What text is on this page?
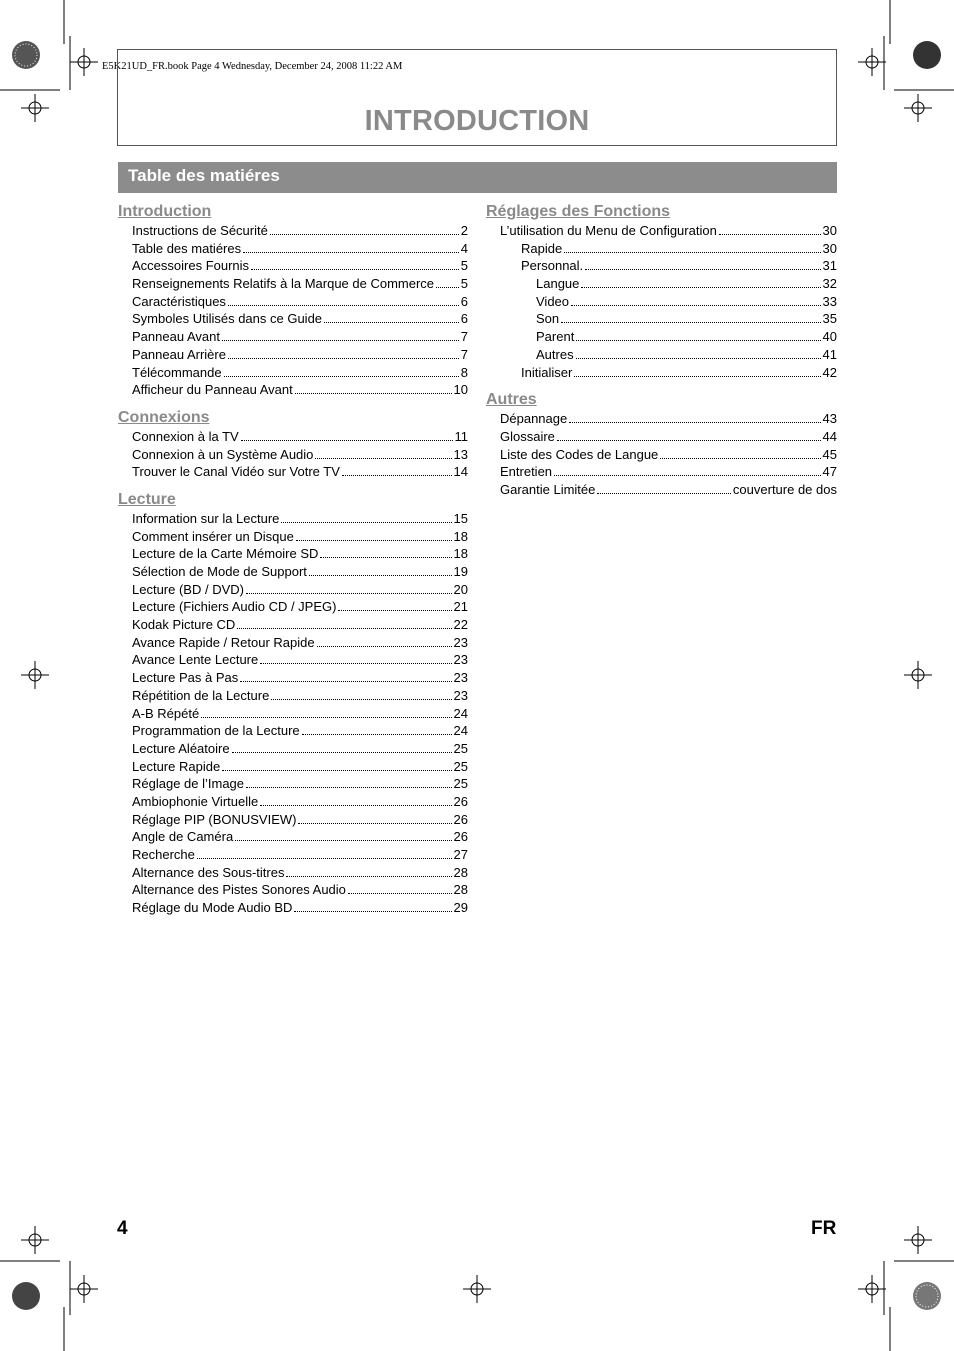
E5K21UD_FR.book Page 4 Wednesday, December 24, 2008 11:22 AM
INTRODUCTION
Table des matiéres
Introduction
Instructions de Sécurité	2
Table des matiéres	4
Accessoires Fournis	5
Renseignements Relatifs à la Marque de Commerce 5
Caractéristiques	6
Symboles Utilisés dans ce Guide	6
Panneau Avant	7
Panneau Arrière	7
Télécommande	8
Afficheur du Panneau Avant	10
Connexions
Connexion à la TV	11
Connexion à un Système Audio	13
Trouver le Canal Vidéo sur Votre TV	14
Lecture
Information sur la Lecture	15
Comment insérer un Disque	18
Lecture de la Carte Mémoire SD	18
Sélection de Mode de Support	19
Lecture (BD / DVD)	20
Lecture (Fichiers Audio CD / JPEG)	21
Kodak Picture CD	22
Avance Rapide / Retour Rapide	23
Avance Lente Lecture	23
Lecture Pas à Pas	23
Répétition de la Lecture	23
A-B Répété	24
Programmation de la Lecture	24
Lecture Aléatoire	25
Lecture Rapide	25
Réglage de l’Image	25
Ambiophonie Virtuelle	26
Réglage PIP (BONUSVIEW)	26
Angle de Caméra	26
Recherche	27
Alternance des Sous-titres	28
Alternance des Pistes Sonores Audio	28
Réglage du Mode Audio BD	29
Réglages des Fonctions
L’utilisation du Menu de Configuration	30
Rapide	30
Personnal.	31
Langue	32
Video	33
Son	35
Parent	40
Autres	41
Initialiser	42
Autres
Dépannage	43
Glossaire	44
Liste des Codes de Langue	45
Entretien	47
Garantie Limitée	couverture de dos
4	FR
